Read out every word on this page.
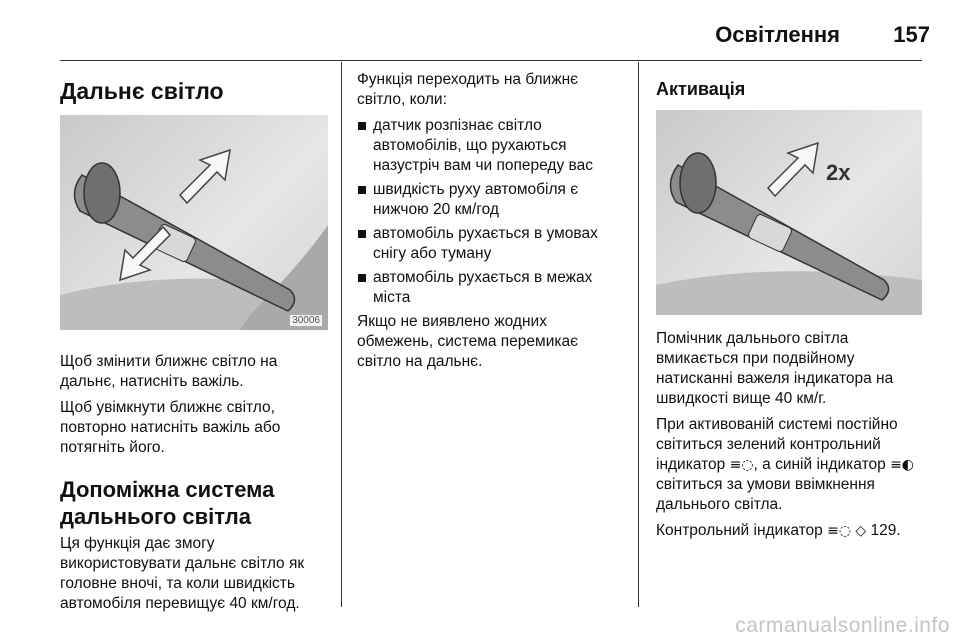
Освітлення 157
Дальнє світло
30006

Щоб змінити ближнє світло на дальнє, натисніть важіль.

Щоб увімкнути ближнє світло, повторно натисніть важіль або потягніть його.

Допоміжна система дальнього світла

Ця функція дає змогу використовувати дальнє світло як головне вночі, та коли швидкість автомобіля перевищує 40 км/год.

Функція переходить на ближнє світло, коли:

датчик розпізнає світло автомобілів, що рухаються назустріч вам чи попереду вас
швидкість руху автомобіля є нижчою 20 км/год
автомобіль рухається в умовах снігу або туману
автомобіль рухається в межах міста

Якщо не виявлено жодних обмежень, система перемикає світло на дальнє.

Активація
2x

Помічник дальнього світла вмикається при подвійному натисканні важеля індикатора на швидкості вище 40 км/г.

При активованій системі постійно світиться зелений контрольний індикатор ≡◌, а синій індикатор ≡◐ світиться за умови ввімкнення дальнього світла.

Контрольний індикатор ≡◌ ◇ 129.

carmanualsonline.info
